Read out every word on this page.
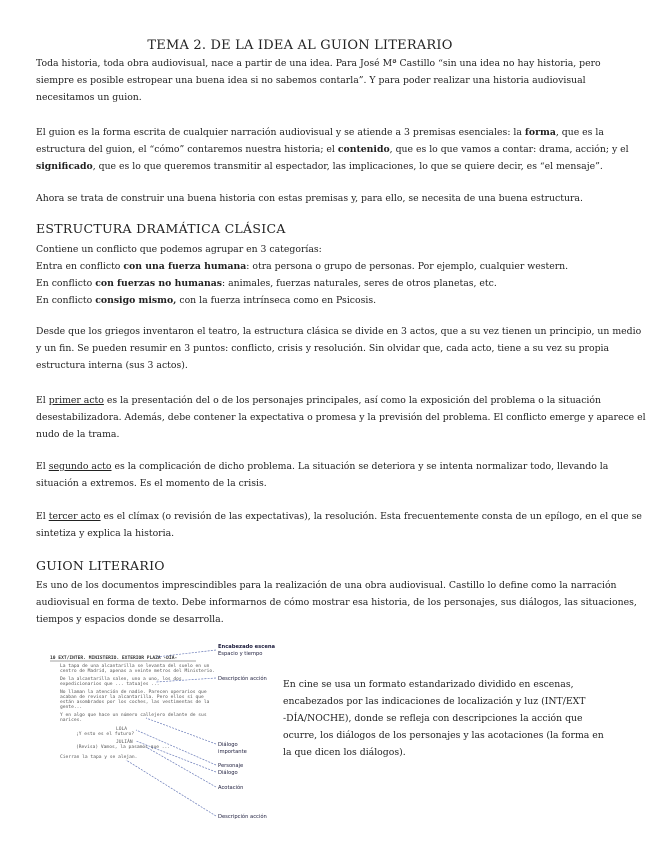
TEMA 2. DE LA IDEA AL GUION LITERARIO
Toda historia, toda obra audiovisual, nace a partir de una idea. Para José Mª Castillo “sin una idea no hay historia, pero
siempre es posible estropear una buena idea si no sabemos contarla”. Y para poder realizar una historia audiovisual
necesitamos un guion.
El guion es la forma escrita de cualquier narración audiovisual y se atiende a 3 premisas esenciales: la forma, que es la
estructura del guion, el “cómo” contaremos nuestra historia; el contenido, que es lo que vamos a contar: drama, acción; y el
significado, que es lo que queremos transmitir al espectador, las implicaciones, lo que se quiere decir, es “el mensaje”.
Ahora se trata de construir una buena historia con estas premisas y, para ello, se necesita de una buena estructura.
ESTRUCTURA DRAMÁTICA CLÁSICA
Contiene un conflicto que podemos agrupar en 3 categorías:
Entra en conflicto con una fuerza humana: otra persona o grupo de personas. Por ejemplo, cualquier western.
En conflicto con fuerzas no humanas: animales, fuerzas naturales, seres de otros planetas, etc.
En conflicto consigo mismo, con la fuerza intrínseca como en Psicosis.
Desde que los griegos inventaron el teatro, la estructura clásica se divide en 3 actos, que a su vez tienen un principio, un medio
y un fin. Se pueden resumir en 3 puntos: conflicto, crisis y resolución. Sin olvidar que, cada acto, tiene a su vez su propia
estructura interna (sus 3 actos).
El primer acto es la presentación del o de los personajes principales, así como la exposición del problema o la situación
desestabilizadora. Además, debe contener la expectativa o promesa y la previsión del problema. El conflicto emerge y aparece el
nudo de la trama.
El segundo acto es la complicación de dicho problema. La situación se deteriora y se intenta normalizar todo, llevando la
situación a extremos. Es el momento de la crisis.
El tercer acto es el clímax (o revisión de las expectativas), la resolución. Esta frecuentemente consta de un epílogo, en el que se
sintetiza y explica la historia.
GUION LITERARIO
Es uno de los documentos imprescindibles para la realización de una obra audiovisual. Castillo lo define como la narración
audiovisual en forma de texto. Debe informarnos de cómo mostrar esa historia, de los personajes, sus diálogos, las situaciones,
tiempos y espacios donde se desarrolla.
10 EXT/INTER. MINISTERIO. EXTERIOR PLAZA -DÍA-
La tapa de una alcantarilla se levanta del suelo en un
centro de Madrid, apenas a veinte metros del Ministerio.
De la alcantarilla salen, uno a uno, los dos
expedicionarios que ... tatuajes ...
No llaman la atención de nadie. Parecen operarios que
acaban de revisar la alcantarilla. Pero ellos sí que
están asombrados por los coches, las vestimentas de la
gente...
Y en algo que hace un número callejero delante de sus
narices.
LOLA
¡Y esto es el futuro?
JULIÁN
(Revisa) Vamos, la pasamos que ...
Cierran la tapa y se alejan.
Encabezado escena
Espacio y tiempo
Descripción acción
Diálogo
importante
Personaje
Diálogo
Acotación
Descripción acción
En cine se usa un formato estandarizado dividido en escenas,
encabezados por las indicaciones de localización y luz (INT/EXT
-DÍA/NOCHE), donde se refleja con descripciones la acción que
ocurre, los diálogos de los personajes y las acotaciones (la forma en
la que dicen los diálogos).
